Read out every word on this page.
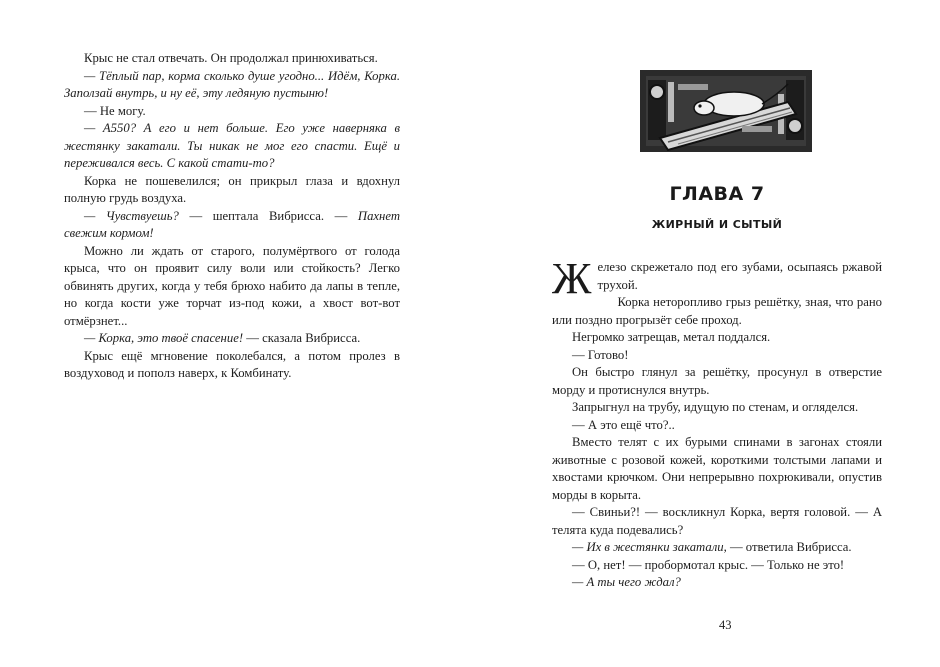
Крыс не стал отвечать. Он продолжал принюхиваться.

— Тёплый пар, корма сколько душе угодно... Идём, Корка. Заползай внутрь, и ну её, эту ледяную пустыню!

— Не могу.

— А550? А его и нет больше. Его уже наверняка в жестянку закатали. Ты никак не мог его спасти. Ещё и переживался весь. С какой стати-то?

Корка не пошевелился; он прикрыл глаза и вдохнул полную грудь воздуха.

— Чувствуешь? — шептала Вибрисса. — Пахнет свежим кормом!

Можно ли ждать от старого, полумёртвого от голода крыса, что он проявит силу воли или стойкость? Легко обвинять других, когда у тебя брюхо набито да лапы в тепле, но когда кости уже торчат из-под кожи, а хвост вот-вот отмёрзнет...

— Корка, это твоё спасение! — сказала Вибрисса.

Крыс ещё мгновение поколебался, а потом пролез в воздуховод и пополз наверх, к Комбинату.

ГЛАВА 7
ЖИРНЫЙ И СЫТЫЙ

Железо скрежетало под его зубами, осыпаясь ржавой трухой.

Корка неторопливо грыз решётку, зная, что рано или поздно прогрызёт себе проход.

Негромко затрещав, метал поддался.

— Готово!

Он быстро глянул за решётку, просунул в отверстие морду и протиснулся внутрь.

Запрыгнул на трубу, идущую по стенам, и огляделся.

— А это ещё что?..

Вместо телят с их бурыми спинами в загонах стояли животные с розовой кожей, короткими толстыми лапами и хвостами крючком. Они непрерывно похрюкивали, опустив морды в корыта.

— Свиньи?! — воскликнул Корка, вертя головой. — А телята куда подевались?

— Их в жестянки закатали, — ответила Вибрисса.

— О, нет! — пробормотал крыс. — Только не это!

— А ты чего ждал?

43
